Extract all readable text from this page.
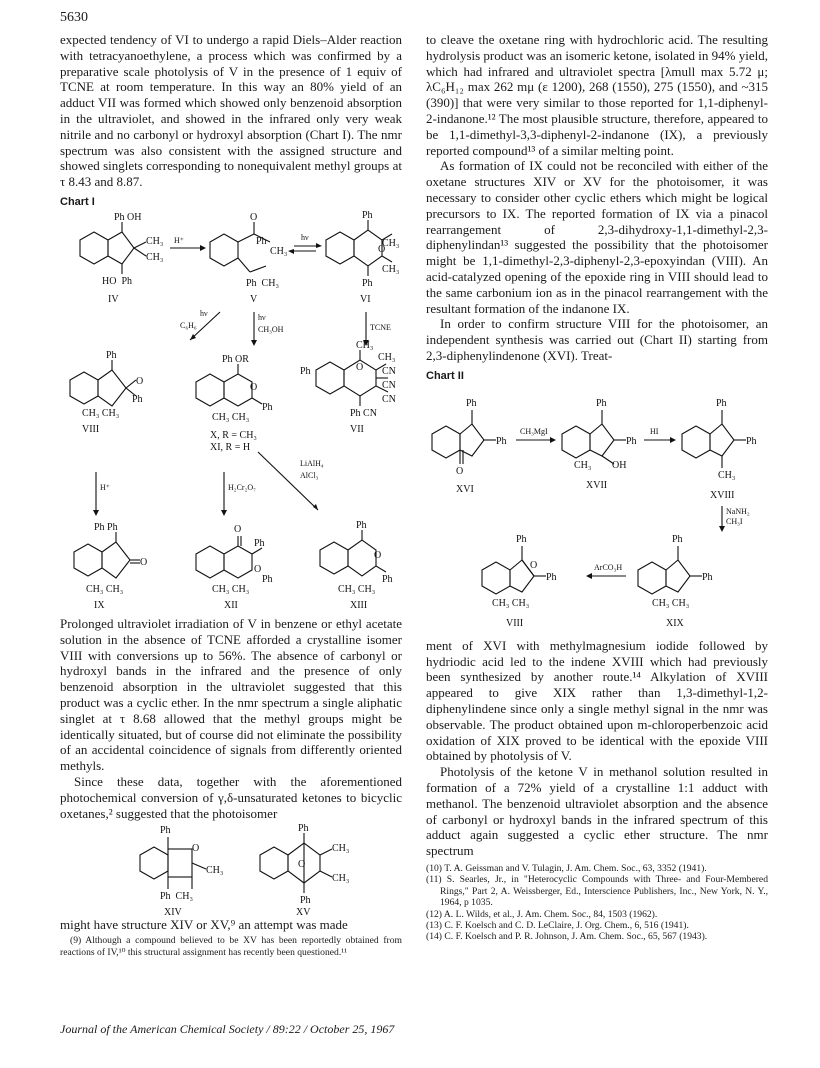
5630

expected tendency of VI to undergo a rapid Diels–Alder reaction with tetracyanoethylene, a process which was confirmed by a preparative scale photolysis of V in the presence of 1 equiv of TCNE at room temperature. In this way an 80% yield of an adduct VII was formed which showed only benzenoid absorption in the ultraviolet, and showed in the infrared only very weak nitrile and no carbonyl or hydroxyl absorption (Chart I). The nmr spectrum was also consistent with the assigned structure and showed singlets corresponding to nonequivalent methyl groups at τ 8.43 and 8.87.

Chart I
Ph OH
CH₃
CH₃
HO  Ph
IV
H⁺
O
Ph
CH₃
Ph  CH₃
V
hν
Ph
O
CH₃
CH₃
Ph
VI
hν
C₆H₆
hν
CH₃OH	TCNE
Ph
O
Ph
CH₃ CH₃
VIII
Ph OR
O
Ph
CH₃ CH₃
X, R = CH₃
XI, R = H
CH₃
Ph	O
CH₃
CN
CN
CN
Ph CN
VII
H⁺	H₂Cr₂O₇
LiAlH₄
AlCl₃
Ph Ph
O
CH₃ CH₃
IX
O
Ph
O
Ph
CH₃ CH₃
XII
Ph
O
Ph
CH₃ CH₃
XIII

Prolonged ultraviolet irradiation of V in benzene or ethyl acetate solution in the absence of TCNE afforded a crystalline isomer VIII with conversions up to 56%. The absence of carbonyl or hydroxyl bands in the infrared and the presence of only benzenoid absorption in the ultraviolet suggested that this product was a cyclic ether. In the nmr spectrum a single aliphatic singlet at τ 8.68 allowed that the methyl groups might be identically situated, but of course did not eliminate the possibility of an accidental coincidence of signals from differently oriented methyls.

Since these data, together with the aforementioned photochemical conversion of γ,δ-unsaturated ketones to bicyclic oxetanes,² suggested that the photoisomer

Ph
O
CH₃
Ph  CH₃
XIV
Ph
O
CH₃
CH₃
Ph
XV

might have structure XIV or XV,⁹ an attempt was made

(9) Although a compound believed to be XV has been reportedly obtained from reactions of IV,¹⁰ this structural assignment has recently been questioned.¹¹

to cleave the oxetane ring with hydrochloric acid. The resulting hydrolysis product was an isomeric ketone, isolated in 94% yield, which had infrared and ultraviolet spectra [λmull max 5.72 μ; λC₆H₁₂ max 262 mμ (ε 1200), 268 (1550), 275 (1550), and ~315 (390)] that were very similar to those reported for 1,1-diphenyl-2-indanone.¹² The most plausible structure, therefore, appeared to be 1,1-dimethyl-3,3-diphenyl-2-indanone (IX), a previously reported compound¹³ of a similar melting point.

As formation of IX could not be reconciled with either of the oxetane structures XIV or XV for the photoisomer, it was necessary to consider other cyclic ethers which might be logical precursors to IX. The reported formation of IX via a pinacol rearrangement of 2,3-dihydroxy-1,1-dimethyl-2,3-diphenylindan¹³ suggested the possibility that the photoisomer might be 1,1-dimethyl-2,3-diphenyl-2,3-epoxyindan (VIII). An acid-catalyzed opening of the epoxide ring in VIII should lead to the same carbonium ion as in the pinacol rearrangement with the resultant formation of the indanone IX.

In order to confirm structure VIII for the photoisomer, an independent synthesis was carried out (Chart II) starting from 2,3-diphenylindenone (XVI). Treat-

Chart II
Ph
Ph
O
XVI
CH₃MgI
Ph
Ph
CH₃ OH
XVII
HI
Ph
Ph
CH₃
XVIII
NaNH₂
CH₃I
Ph
Ph
CH₃ CH₃
XIX
ArCO₃H
Ph
O
Ph
CH₃ CH₃
VIII

ment of XVI with methylmagnesium iodide followed by hydriodic acid led to the indene XVIII which had previously been synthesized by another route.¹⁴ Alkylation of XVIII appeared to give XIX rather than 1,3-dimethyl-1,2-diphenylindene since only a single methyl signal in the nmr was observable. The product obtained upon m-chloroperbenzoic acid oxidation of XIX proved to be identical with the epoxide VIII obtained by photolysis of V.

Photolysis of the ketone V in methanol solution resulted in formation of a 72% yield of a crystalline 1:1 adduct with methanol. The benzenoid ultraviolet absorption and the absence of carbonyl or hydroxyl bands in the infrared spectrum of this adduct again suggested a cyclic ether structure. The nmr spectrum

(10) T. A. Geissman and V. Tulagin, J. Am. Chem. Soc., 63, 3352 (1941).

(11) S. Searles, Jr., in "Heterocyclic Compounds with Three- and Four-Membered Rings," Part 2, A. Weissberger, Ed., Interscience Publishers, Inc., New York, N. Y., 1964, p 1035.

(12) A. L. Wilds, et al., J. Am. Chem. Soc., 84, 1503 (1962).

(13) C. F. Koelsch and C. D. LeClaire, J. Org. Chem., 6, 516 (1941).

(14) C. F. Koelsch and P. R. Johnson, J. Am. Chem. Soc., 65, 567 (1943).

Journal of the American Chemical Society / 89:22 / October 25, 1967
